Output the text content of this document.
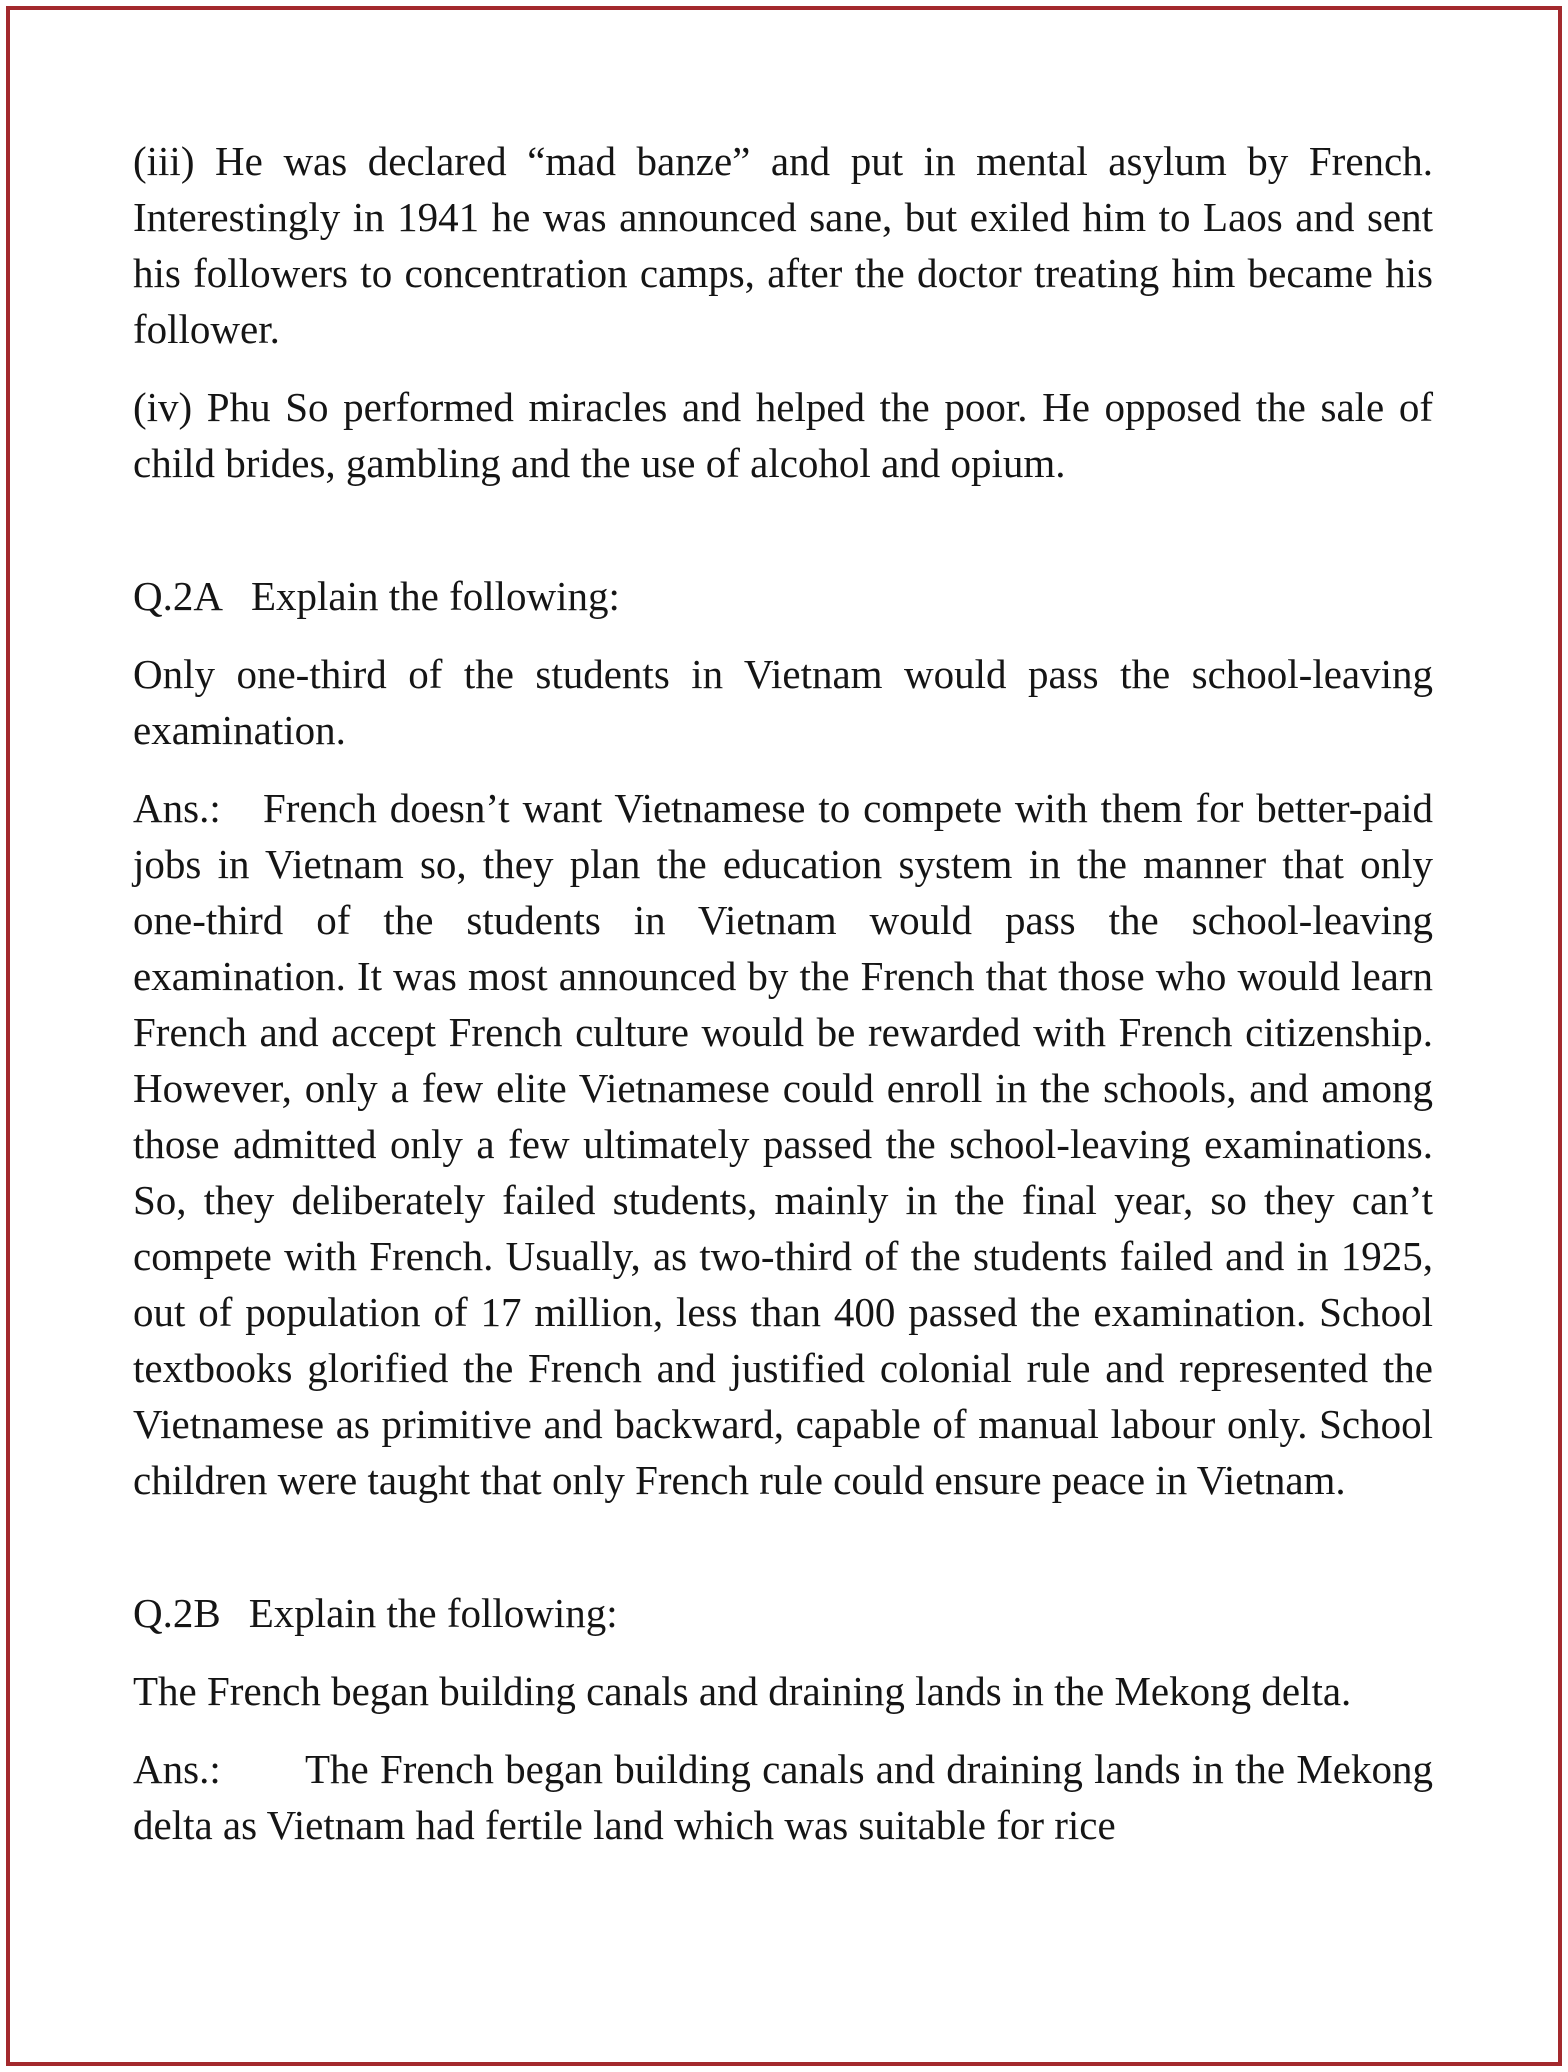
(iii) He was declared “mad banze” and put in mental asylum by French. Interestingly in 1941 he was announced sane, but exiled him to Laos and sent his followers to concentration camps, after the doctor treating him became his follower.

(iv) Phu So performed miracles and helped the poor. He opposed the sale of child brides, gambling and the use of alcohol and opium.

Q.2A Explain the following:

Only one-third of the students in Vietnam would pass the school-leaving examination.

Ans.: French doesn’t want Vietnamese to compete with them for better-paid jobs in Vietnam so, they plan the education system in the manner that only one-third of the students in Vietnam would pass the school-leaving examination. It was most announced by the French that those who would learn French and accept French culture would be rewarded with French citizenship. However, only a few elite Vietnamese could enroll in the schools, and among those admitted only a few ultimately passed the school-leaving examinations. So, they deliberately failed students, mainly in the final year, so they can’t compete with French. Usually, as two-third of the students failed and in 1925, out of population of 17 million, less than 400 passed the examination. School textbooks glorified the French and justified colonial rule and represented the Vietnamese as primitive and backward, capable of manual labour only. School children were taught that only French rule could ensure peace in Vietnam.

Q.2B Explain the following:

The French began building canals and draining lands in the Mekong delta.

Ans.: The French began building canals and draining lands in the Mekong delta as Vietnam had fertile land which was suitable for rice
